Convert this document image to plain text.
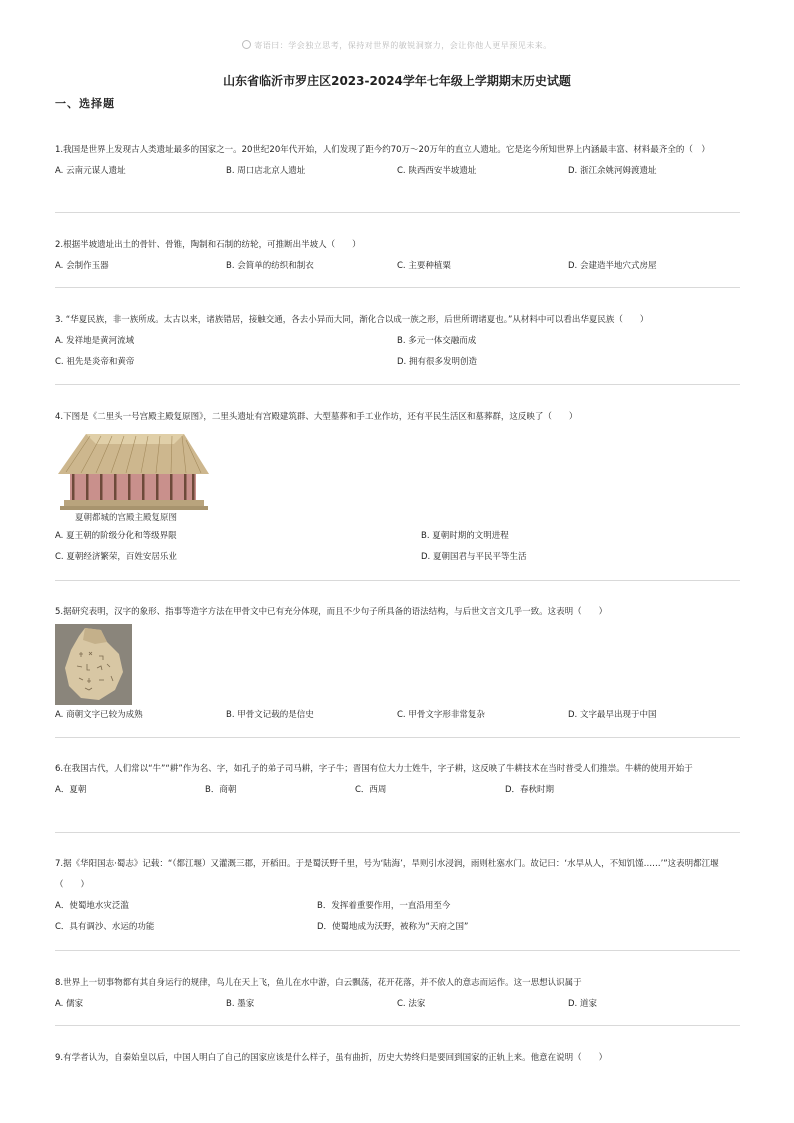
寄语曰：学会独立思考，保持对世界的敏锐洞察力，会让你他人更早预见未来。
山东省临沂市罗庄区2023-2024学年七年级上学期期末历史试题
一、选择题
1.我国是世界上发现古人类遗址最多的国家之一。20世纪20年代开始，人们发现了距今约70万～20万年的直立人遗址。它是迄今所知世界上内涵最丰富、材料最齐全的（　）
A. 云南元谋人遗址	B. 周口店北京人遗址	C. 陕西西安半坡遗址	D. 浙江余姚河姆渡遗址
2.根据半坡遗址出土的骨针、骨锥，陶制和石制的纺轮，可推断出半坡人（　　）
A. 会制作玉器	B. 会简单的纺织和制衣	C. 主要种植粟	D. 会建造半地穴式房屋
3. “华夏民族，非一族所成。太古以来，诸族错居，接触交通，各去小异而大同，渐化合以成一族之形，后世所谓诸夏也。”从材料中可以看出华夏民族（　　）
A. 发祥地是黄河流域	B. 多元一体交融而成
C. 祖先是炎帝和黄帝	D. 拥有很多发明创造
4.下图是《二里头一号宫殿主殿复原图》，二里头遗址有宫殿建筑群、大型墓葬和手工业作坊，还有平民生活区和墓葬群，这反映了（　　）
夏朝都城的宫殿主殿复原图
A. 夏王朝的阶级分化和等级界限	B. 夏朝时期的文明进程
C. 夏朝经济繁荣，百姓安居乐业	D. 夏朝国君与平民平等生活
5.据研究表明，汉字的象形、指事等造字方法在甲骨文中已有充分体现，而且不少句子所具备的语法结构，与后世文言文几乎一致。这表明（　　）
A. 商朝文字已较为成熟	B. 甲骨文记载的是信史	C. 甲骨文字形非常复杂	D. 文字最早出现于中国
6.在我国古代，人们常以“牛”“耕”作为名、字，如孔子的弟子司马耕，字子牛；晋国有位大力士姓牛，字子耕，这反映了牛耕技术在当时普受人们推崇。牛耕的使用开始于
A．夏朝	B．商朝	C．西周	D．春秋时期
7.据《华阳国志·蜀志》记载：“（都江堰）又灌溉三郡，开稻田。于是蜀沃野千里，号为‘陆海’，旱则引水浸润，雨则杜塞水门。故记曰：‘水旱从人，不知饥馑……’”这表明都江堰（　　）
A．使蜀地水灾泛滥	B．发挥着重要作用，一直沿用至今
C．具有调沙、水运的功能	D．使蜀地成为沃野，被称为“天府之国”
8.世界上一切事物都有其自身运行的规律，鸟儿在天上飞，鱼儿在水中游，白云飘荡，花开花落，并不依人的意志而运作。这一思想认识属于
A. 儒家	B. 墨家	C. 法家	D. 道家
9.有学者认为，自秦始皇以后，中国人明白了自己的国家应该是什么样子，虽有曲折，历史大势终归是要回到国家的正轨上来。他意在说明（　　）
